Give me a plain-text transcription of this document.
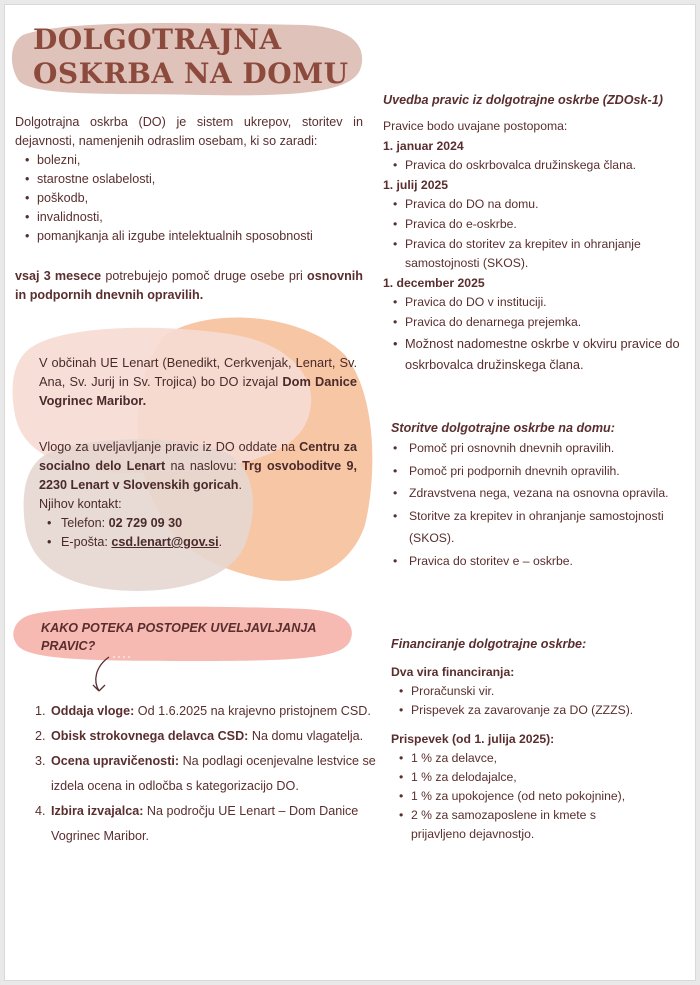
DOLGOTRAJNA
OSKRBA NA DOMU

Dolgotrajna oskrba (DO) je sistem ukrepov, storitev in dejavnosti, namenjenih odraslim osebam, ki so zaradi:

• bolezni,
• starostne oslabelosti,
• poškodb,
• invalidnosti,
• pomanjkanja ali izgube intelektualnih sposobnosti
vsaj 3 mesece potrebujejo pomoč druge osebe pri osnovnih in podpornih dnevnih opravilih.
V občinah UE Lenart (Benedikt, Cerkvenjak, Lenart, Sv. Ana, Sv. Jurij in Sv. Trojica) bo DO izvajal Dom Danice Vogrinec Maribor.

Vlogo za uveljavljanje pravic iz DO oddate na Centru za socialno delo Lenart na naslovu: Trg osvoboditve 9, 2230 Lenart v Slovenskih goricah.

Njihov kontakt:

• Telefon: 02 729 09 30
• E-pošta: csd.lenart@gov.si.
KAKO POTEKA POSTOPEK UVELJAVLJANJA PRAVIC?
1. Oddaja vloge: Od 1.6.2025 na krajevno pristojnem CSD.
2. Obisk strokovnega delavca CSD: Na domu vlagatelja.
3. Ocena upravičenosti: Na podlagi ocenjevalne lestvice se izdela ocena in odločba s kategorizacijo DO.
4. Izbira izvajalca: Na področju UE Lenart – Dom Danice Vogrinec Maribor.
Uvedba pravic iz dolgotrajne oskrbe (ZDOsk-1)

Pravice bodo uvajane postopoma:

1. januar 2024

• Pravica do oskrbovalca družinskega člana.

1. julij 2025

• Pravica do DO na domu.
• Pravica do e-oskrbe.
• Pravica do storitev za krepitev in ohranjanje samostojnosti (SKOS).

1. december 2025

• Pravica do DO v instituciji.
• Pravica do denarnega prejemka.
• Možnost nadomestne oskrbe v okviru pravice do oskrbovalca družinskega člana.
Storitve dolgotrajne oskrbe na domu:
• Pomoč pri osnovnih dnevnih opravilih.
• Pomoč pri podpornih dnevnih opravilih.
• Zdravstvena nega, vezana na osnovna opravila.
• Storitve za krepitev in ohranjanje samostojnosti (SKOS).
• Pravica do storitev e – oskrbe.
Financiranje dolgotrajne oskrbe:

Dva vira financiranja:

• Proračunski vir.
• Prispevek za zavarovanje za DO (ZZZS).

Prispevek (od 1. julija 2025):

• 1 % za delavce,
• 1 % za delodajalce,
• 1 % za upokojence (od neto pokojnine),
• 2 % za samozaposlene in kmete s prijavljeno dejavnostjo.
